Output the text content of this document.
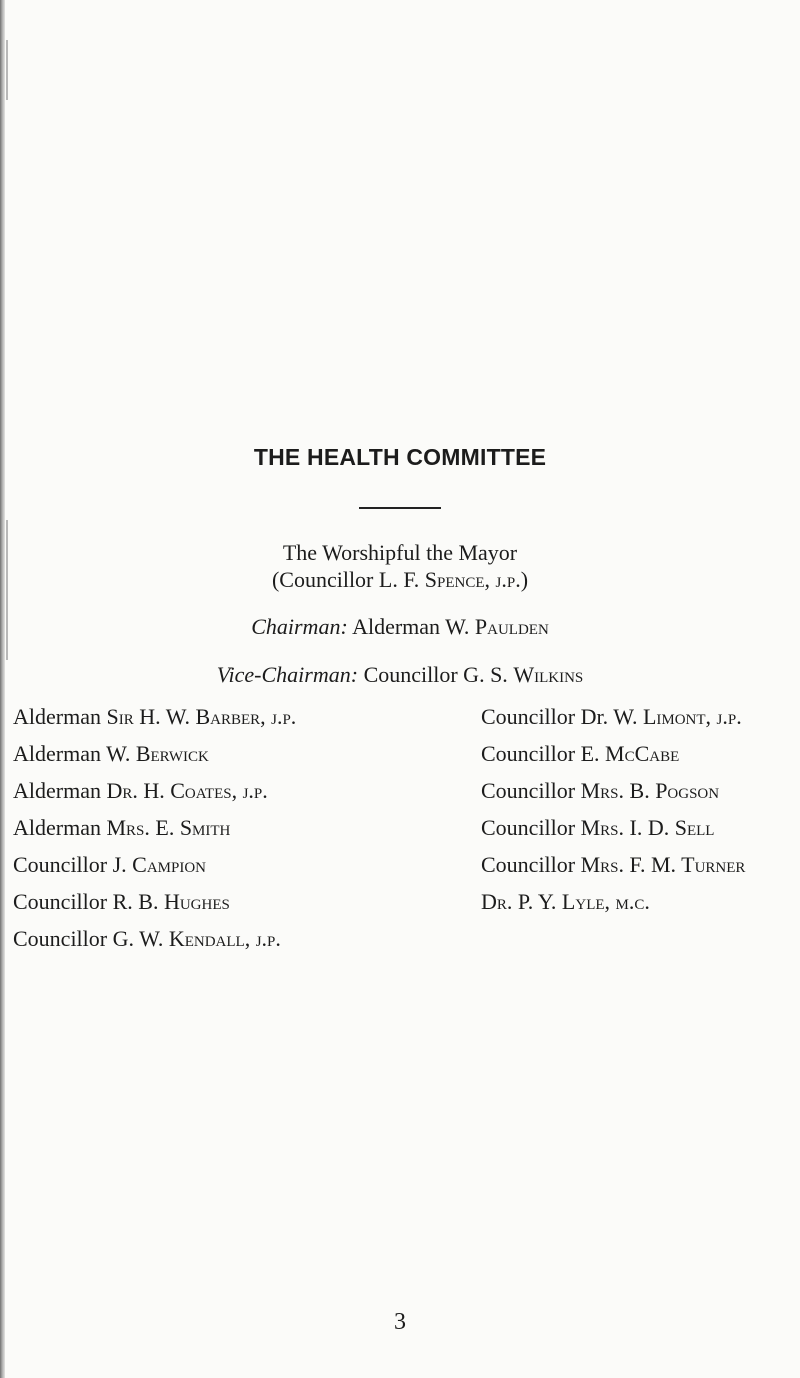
THE HEALTH COMMITTEE
The Worshipful the Mayor
(Councillor L. F. Spence, j.p.)
Chairman: Alderman W. Paulden
Vice-Chairman: Councillor G. S. Wilkins
Alderman Sir H. W. Barber, j.p.
Alderman W. Berwick
Alderman Dr. H. Coates, j.p.
Alderman Mrs. E. Smith
Councillor J. Campion
Councillor R. B. Hughes
Councillor G. W. Kendall, j.p.
Councillor Dr. W. Limont, j.p.
Councillor E. McCabe
Councillor Mrs. B. Pogson
Councillor Mrs. I. D. Sell
Councillor Mrs. F. M. Turner
Dr. P. Y. Lyle, m.c.
3
